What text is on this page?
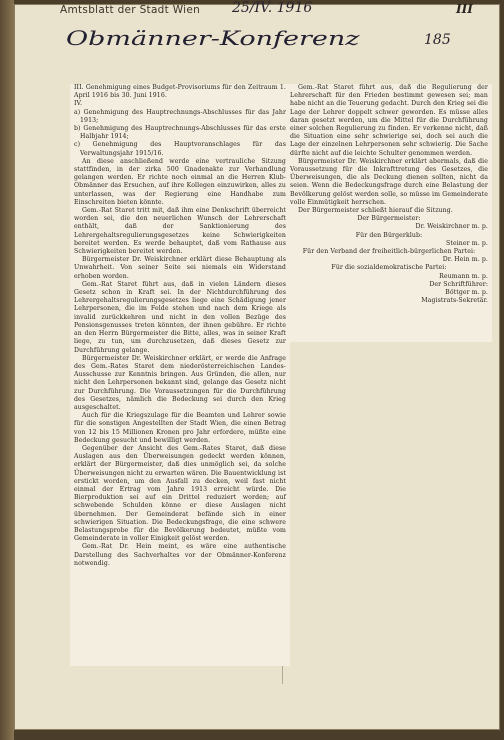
Amtsblatt der Stadt Wien 25/IV. 1916	III
Obmänner-Konferenz	185

III. Genehmigung eines Budget-Provisoriums für den Zeitraum 1. April 1916 bis 30. Juni 1916.

IV.

a) Genehmigung des Hauptrechnungs-Abschlusses für das Jahr 1913;

b) Genehmigung des Hauptrechnungs-Abschlusses für das erste Halbjahr 1914;

c) Genehmigung des Hauptvoranschlages für das Verwaltungsjahr 1915/16.

An diese anschließend werde eine vertrauliche Sitzung stattfinden, in der zirka 500 Gnadenakte zur Verhandlung gelangen werden. Er richte noch einmal an die Herren Klub-Obmänner das Ersuchen, auf ihre Kollegen einzuwirken, alles zu unterlassen, was der Regierung eine Handhabe zum Einschreiten bieten könnte.

Gem.-Rat Staret tritt mit, daß ihm eine Denkschrift überreicht worden sei, die den neuerlichen Wunsch der Lehrerschaft enthält, daß der Sanktionierung des Lehrergehaltsregulierungsgesetzes keine Schwierigkeiten bereitet werden. Es werde behauptet, daß vom Rathause aus Schwierigkeiten bereitet werden.

Bürgermeister Dr. Weiskirchner erklärt diese Behauptung als Unwahrheit. Von seiner Seite sei niemals ein Widerstand erhoben worden.

Gem.-Rat Staret führt aus, daß in vielen Ländern dieses Gesetz schon in Kraft sei. In der Nichtdurchführung des Lehrergehaltsregulierungsgesetzes liege eine Schädigung jener Lehrpersonen, die im Felde stehen und nach dem Kriege als invalid zurückkehren und nicht in den vollen Bezüge des Pensionsgenusses treten könnten, der ihnen gebühre. Er richte an den Herrn Bürgermeister die Bitte, alles, was in seiner Kraft liege, zu tun, um durchzusetzen, daß dieses Gesetz zur Durchführung gelange.

Bürgermeister Dr. Weiskirchner erklärt, er werde die Anfrage des Gem.-Rates Staret dem niederösterreichischen Landes-Ausschusse zur Kenntnis bringen. Aus Gründen, die allen, nur nicht den Lehrpersonen bekannt sind, gelange das Gesetz nicht zur Durchführung. Die Voraussetzungen für die Durchführung des Gesetzes, nämlich die Bedeckung sei durch den Krieg ausgeschaltet.

Auch für die Kriegszulage für die Beamten und Lehrer sowie für die sonstigen Angestellten der Stadt Wien, die einen Betrag von 12 bis 15 Millionen Kronen pro Jahr erfordere, müßte eine Bedeckung gesucht und bewilligt werden.

Gegenüber der Ansicht des Gem.-Rates Staret, daß diese Auslagen aus den Überweisungen gedeckt werden können, erklärt der Bürgermeister, daß dies unmöglich sei, da solche Überweisungen nicht zu erwarten wären. Die Bauentwicklung ist erstickt worden, um den Ausfall zu decken, weil fast nicht einmal der Ertrag vom Jahre 1913 erreicht würde. Die Bierproduktion sei auf ein Drittel reduziert worden; auf schwebende Schulden könne er diese Auslagen nicht übernehmen. Der Gemeinderat befände sich in einer schwierigen Situation. Die Bedeckungsfrage, die eine schwere Belastungsprobe für die Bevölkerung bedeutet, müßte vom Gemeinderate in voller Einigkeit gelöst werden.

Gem.-Rat Dr. Hein meint, es wäre eine authentische Darstellung des Sachverhaltes vor der Obmänner-Konferenz notwendig.

Gem.-Rat Staret führt aus, daß die Regulierung der Lehrerschaft für den Frieden bestimmt gewesen sei; man habe nicht an die Teuerung gedacht. Durch den Krieg sei die Lage der Lehrer doppelt schwer geworden. Es müsse alles daran gesetzt werden, um die Mittel für die Durchführung einer solchen Regulierung zu finden. Er verkenne nicht, daß die Situation eine sehr schwierige sei, doch sei auch die Lage der einzelnen Lehrpersonen sehr schwierig. Die Sache dürfte nicht auf die leichte Schulter genommen werden.

Bürgermeister Dr. Weiskirchner erklärt abermals, daß die Voraussetzung für die Inkrafttretung des Gesetzes, die Überweisungen, die als Deckung dienen sollten, nicht da seien. Wenn die Bedeckungsfrage durch eine Belastung der Bevölkerung gelöst werden solle, so müsse im Gemeinderate volle Einmütigkeit herrschen.

Der Bürgermeister schließt hierauf die Sitzung.

Der Bürgermeister:

Dr. Weiskirchner m. p.

Für den Bürgerklub:

Steiner m. p.

Für den Verband der freiheitlich-bürgerlichen Partei:

Dr. Hein m. p.

Für die sozialdemokratische Partei:

Reumann m. p.

Der Schriftführer:

Böttger m. p.

Magistrats-Sekretär.
